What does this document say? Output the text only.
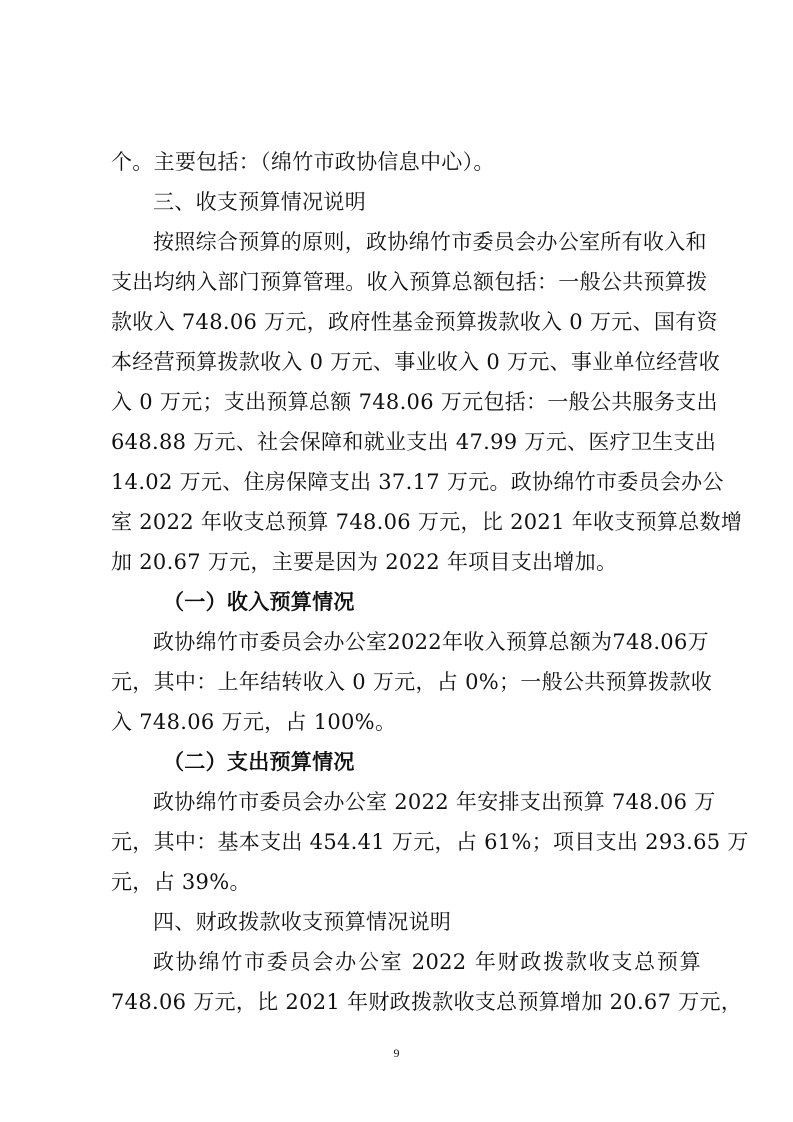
个。主要包括：（绵竹市政协信息中心）。
三、收支预算情况说明
按照综合预算的原则，政协绵竹市委员会办公室所有收入和
支出均纳入部门预算管理。收入预算总额包括：一般公共预算拨
款收入 748.06 万元，政府性基金预算拨款收入 0 万元、国有资
本经营预算拨款收入 0 万元、事业收入 0 万元、事业单位经营收
入 0 万元；支出预算总额 748.06 万元包括：一般公共服务支出
648.88 万元、社会保障和就业支出 47.99 万元、医疗卫生支出
14.02 万元、住房保障支出 37.17 万元。政协绵竹市委员会办公
室 2022 年收支总预算 748.06 万元，比 2021 年收支预算总数增
加 20.67 万元，主要是因为 2022 年项目支出增加。
（一）收入预算情况
政协绵竹市委员会办公室2022年收入预算总额为748.06万
元，其中：上年结转收入 0 万元，占 0%；一般公共预算拨款收
入 748.06 万元，占 100%。
（二）支出预算情况
政协绵竹市委员会办公室 2022 年安排支出预算 748.06 万
元，其中：基本支出 454.41 万元，占 61%；项目支出 293.65 万
元，占 39%。
四、财政拨款收支预算情况说明
政协绵竹市委员会办公室 2022 年财政拨款收支总预算
748.06 万元，比 2021 年财政拨款收支总预算增加 20.67 万元，
9
